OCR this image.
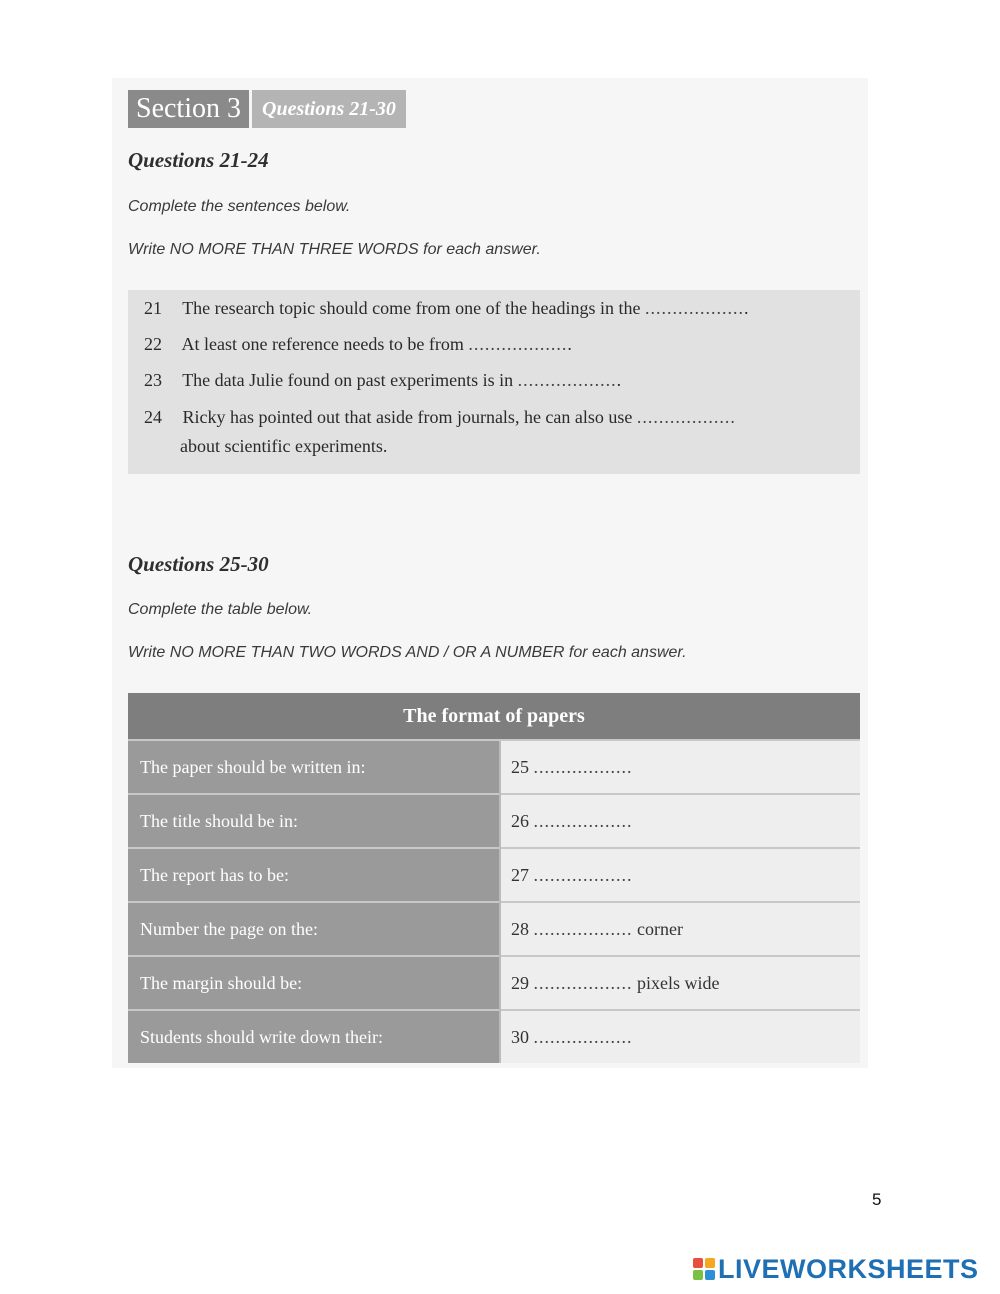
Section 3	Questions 21-30
Questions 21-24
Complete the sentences below.
Write NO MORE THAN THREE WORDS for each answer.
21 The research topic should come from one of the headings in the ...................
22 At least one reference needs to be from ...................
23 The data Julie found on past experiments is in ...................
24 Ricky has pointed out that aside from journals, he can also use ..................
about scientific experiments.
Questions 25-30
Complete the table below.
Write NO MORE THAN TWO WORDS AND / OR A NUMBER for each answer.
The format of papers	
The paper should be written in:	25 ..................
The title should be in:	26 ..................
The report has to be:	27 ..................
Number the page on the:	28 .................. corner
The margin should be:	29 .................. pixels wide
Students should write down their:	30 ..................
5
LIVEWORKSHEETS
